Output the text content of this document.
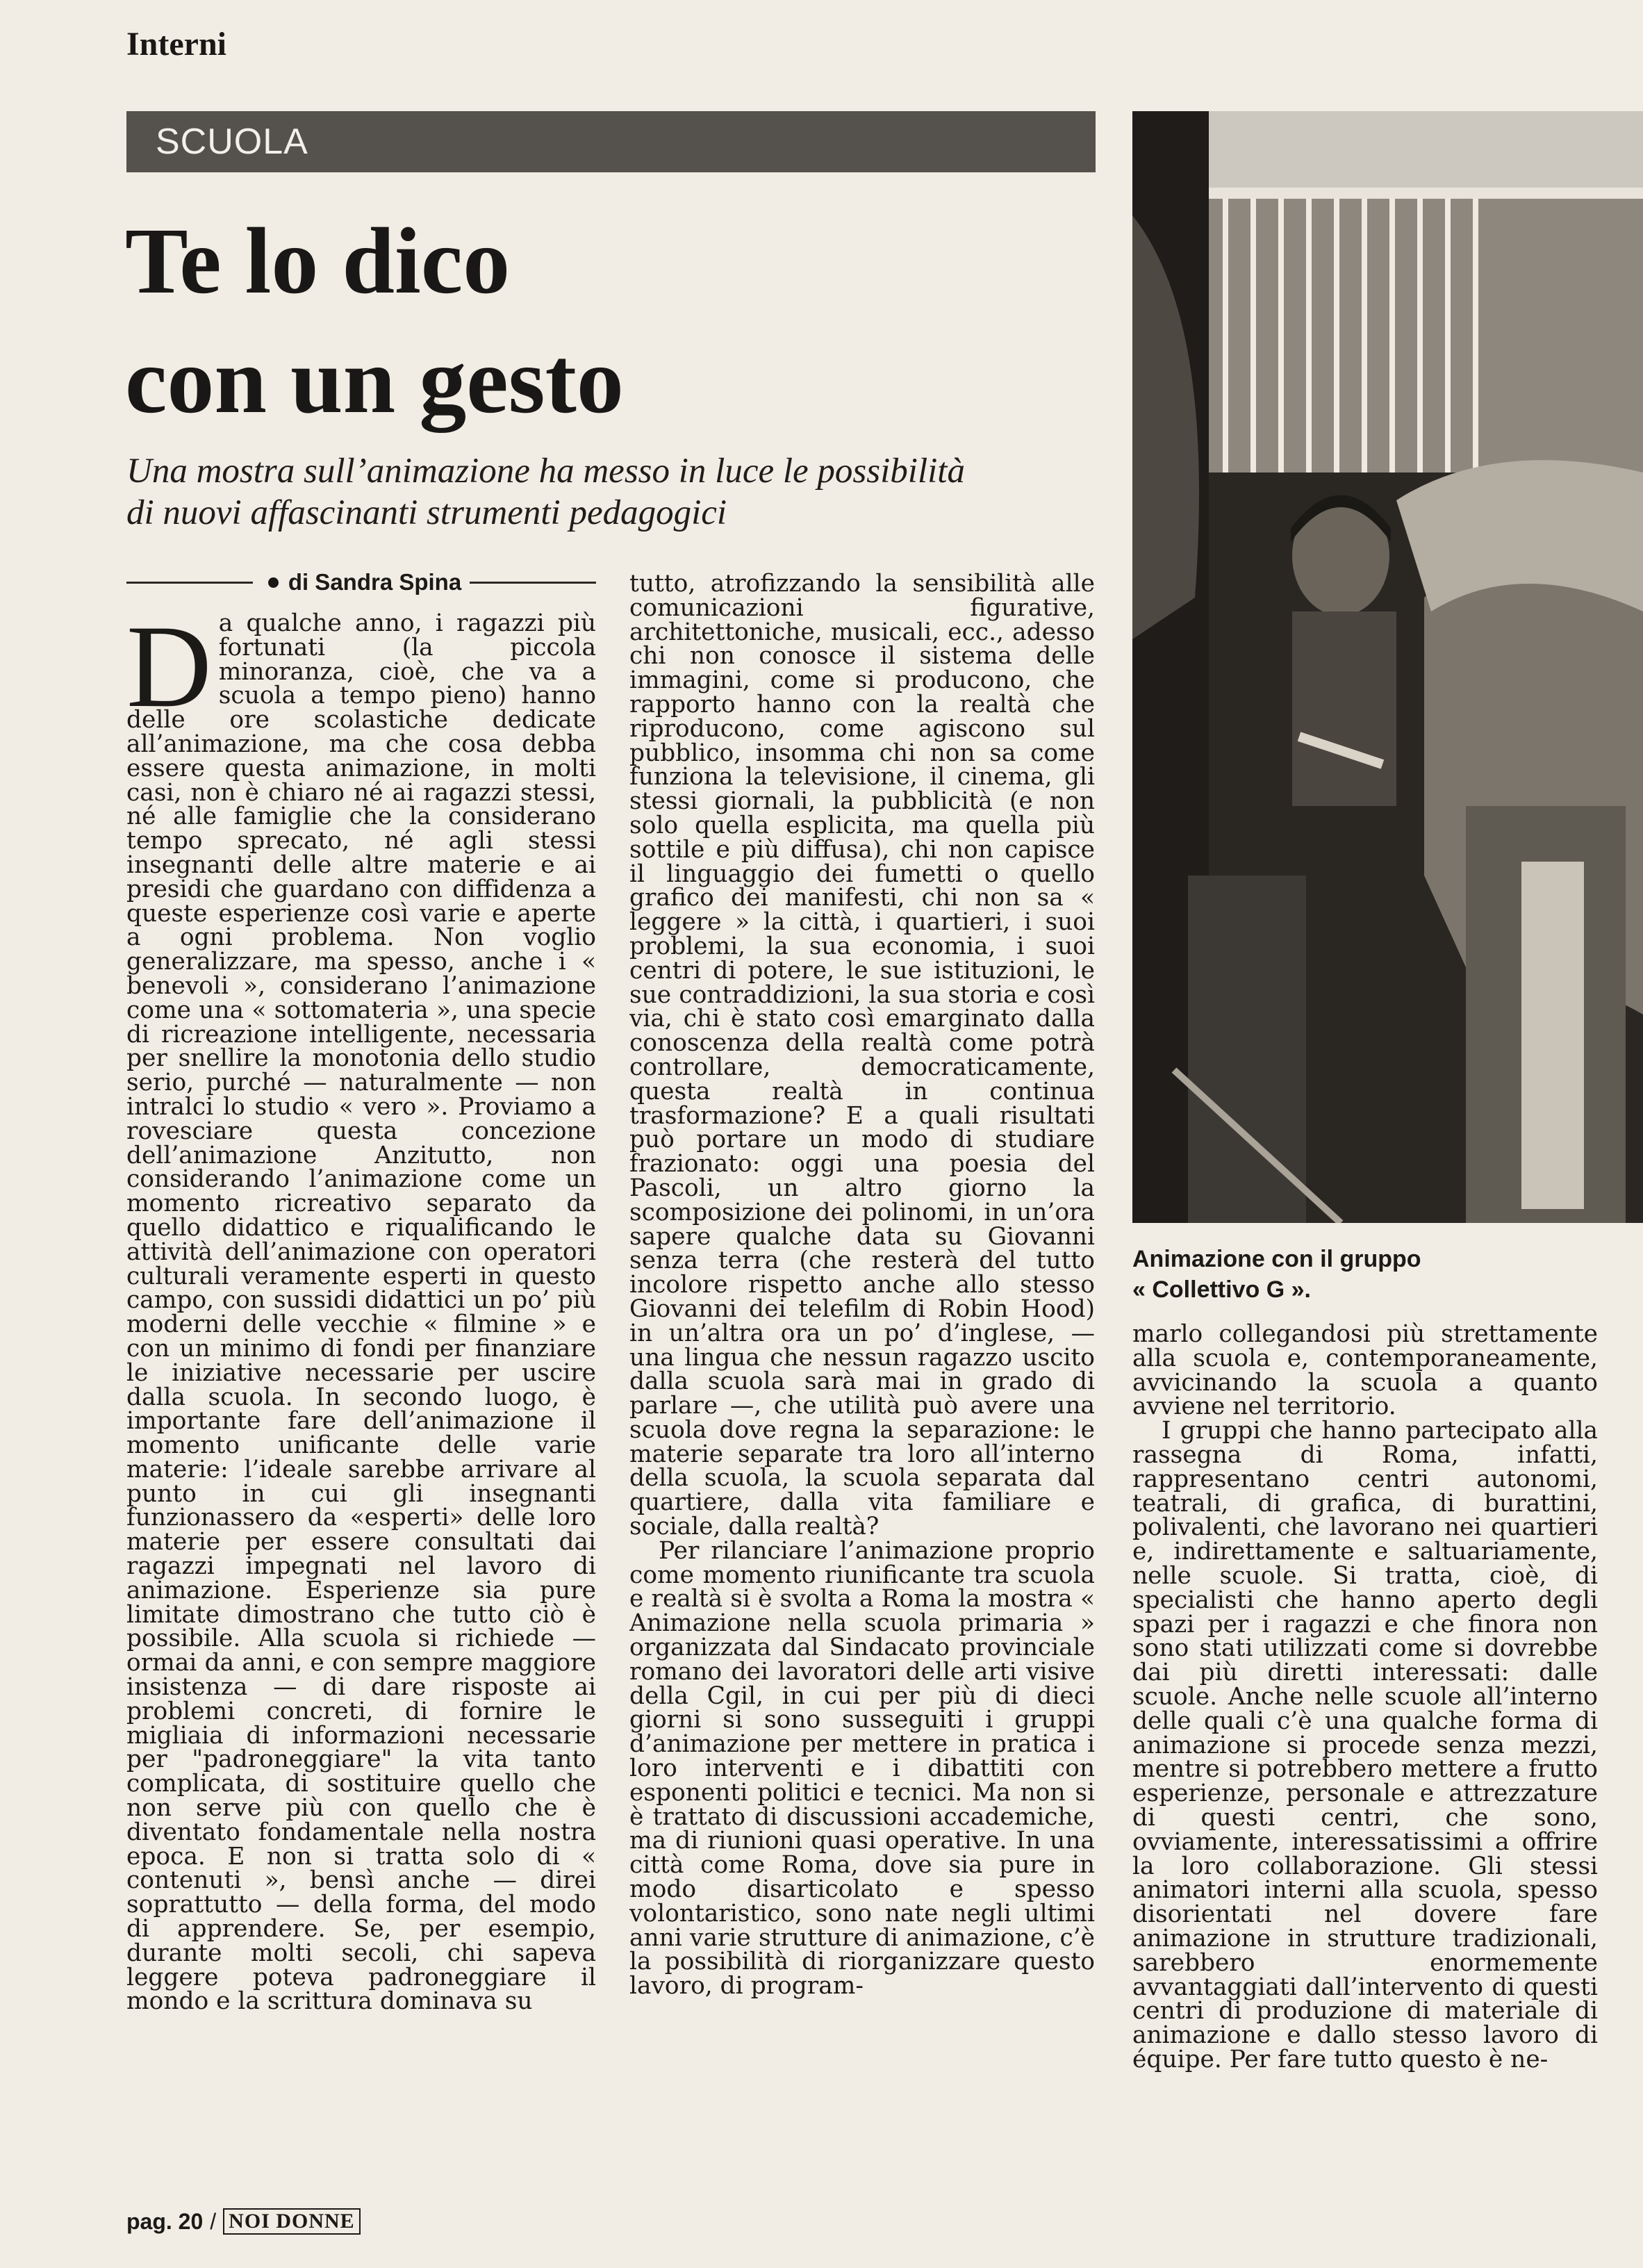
Interni
SCUOLA
Te lo dico
con un gesto

Una mostra sull’animazione ha messo in luce le possibilità
di nuovi affascinanti strumenti pedagogici

di Sandra Spina

Da qualche anno, i ragazzi più fortunati (la piccola minoranza, cioè, che va a scuola a tempo pieno) hanno delle ore scolastiche dedicate all’animazione, ma che cosa debba essere questa animazione, in molti casi, non è chiaro né ai ragazzi stessi, né alle famiglie che la considerano tempo sprecato, né agli stessi insegnanti delle altre materie e ai presidi che guardano con diffidenza a queste esperienze così varie e aperte a ogni problema. Non voglio generalizzare, ma spesso, anche i « benevoli », considerano l’animazione come una « sottomateria », una specie di ricreazione intelligente, necessaria per snellire la monotonia dello studio serio, purché — naturalmente — non intralci lo studio « vero ». Proviamo a rovesciare questa concezione dell’animazione Anzitutto, non considerando l’animazione come un momento ricreativo separato da quello didattico e riqualificando le attività dell’animazione con operatori culturali veramente esperti in questo campo, con sussidi didattici un po’ più moderni delle vecchie « filmine » e con un minimo di fondi per finanziare le iniziative necessarie per uscire dalla scuola. In secondo luogo, è importante fare dell’animazione il momento unificante delle varie materie: l’ideale sarebbe arrivare al punto in cui gli insegnanti funzionassero da «esperti» delle loro materie per essere consultati dai ragazzi impegnati nel lavoro di animazione. Esperienze sia pure limitate dimostrano che tutto ciò è possibile. Alla scuola si richiede — ormai da anni, e con sempre maggiore insistenza — di dare risposte ai problemi concreti, di fornire le migliaia di informazioni necessarie per "padroneggiare" la vita tanto complicata, di sostituire quello che non serve più con quello che è diventato fondamentale nella nostra epoca. E non si tratta solo di « contenuti », bensì anche — direi soprattutto — della forma, del modo di apprendere. Se, per esempio, durante molti secoli, chi sapeva leggere poteva padroneggiare il mondo e la scrittura dominava su

tutto, atrofizzando la sensibilità alle comunicazioni figurative, architettoniche, musicali, ecc., adesso chi non conosce il sistema delle immagini, come si producono, che rapporto hanno con la realtà che riproducono, come agiscono sul pubblico, insomma chi non sa come funziona la televisione, il cinema, gli stessi giornali, la pubblicità (e non solo quella esplicita, ma quella più sottile e più diffusa), chi non capisce il linguaggio dei fumetti o quello grafico dei manifesti, chi non sa « leggere » la città, i quartieri, i suoi problemi, la sua economia, i suoi centri di potere, le sue istituzioni, le sue contraddizioni, la sua storia e così via, chi è stato così emarginato dalla conoscenza della realtà come potrà controllare, democraticamente, questa realtà in continua trasformazione? E a quali risultati può portare un modo di studiare frazionato: oggi una poesia del Pascoli, un altro giorno la scomposizione dei polinomi, in un’ora sapere qualche data su Giovanni senza terra (che resterà del tutto incolore rispetto anche allo stesso Giovanni dei telefilm di Robin Hood) in un’altra ora un po’ d’inglese, — una lingua che nessun ragazzo uscito dalla scuola sarà mai in grado di parlare —, che utilità può avere una scuola dove regna la separazione: le materie separate tra loro all’interno della scuola, la scuola separata dal quartiere, dalla vita familiare e sociale, dalla realtà?

Per rilanciare l’animazione proprio come momento riunificante tra scuola e realtà si è svolta a Roma la mostra « Animazione nella scuola primaria » organizzata dal Sindacato provinciale romano dei lavoratori delle arti visive della Cgil, in cui per più di dieci giorni si sono susseguiti i gruppi d’animazione per mettere in pratica i loro interventi e i dibattiti con esponenti politici e tecnici. Ma non si è trattato di discussioni accademiche, ma di riunioni quasi operative. In una città come Roma, dove sia pure in modo disarticolato e spesso volontaristico, sono nate negli ultimi anni varie strutture di animazione, c’è la possibilità di riorganizzare questo lavoro, di program-

Animazione con il gruppo
« Collettivo G ».

marlo collegandosi più strettamente alla scuola e, contemporaneamente, avvicinando la scuola a quanto avviene nel territorio.

I gruppi che hanno partecipato alla rassegna di Roma, infatti, rappresentano centri autonomi, teatrali, di grafica, di burattini, polivalenti, che lavorano nei quartieri e, indirettamente e saltuariamente, nelle scuole. Si tratta, cioè, di specialisti che hanno aperto degli spazi per i ragazzi e che finora non sono stati utilizzati come si dovrebbe dai più diretti interessati: dalle scuole. Anche nelle scuole all’interno delle quali c’è una qualche forma di animazione si procede senza mezzi, mentre si potrebbero mettere a frutto esperienze, personale e attrezzature di questi centri, che sono, ovviamente, interessatissimi a offrire la loro collaborazione. Gli stessi animatori interni alla scuola, spesso disorientati nel dovere fare animazione in strutture tradizionali, sarebbero enormemente avvantaggiati dall’intervento di questi centri di produzione di materiale di animazione e dallo stesso lavoro di équipe. Per fare tutto questo è ne-

pag. 20 / NOI DONNE
